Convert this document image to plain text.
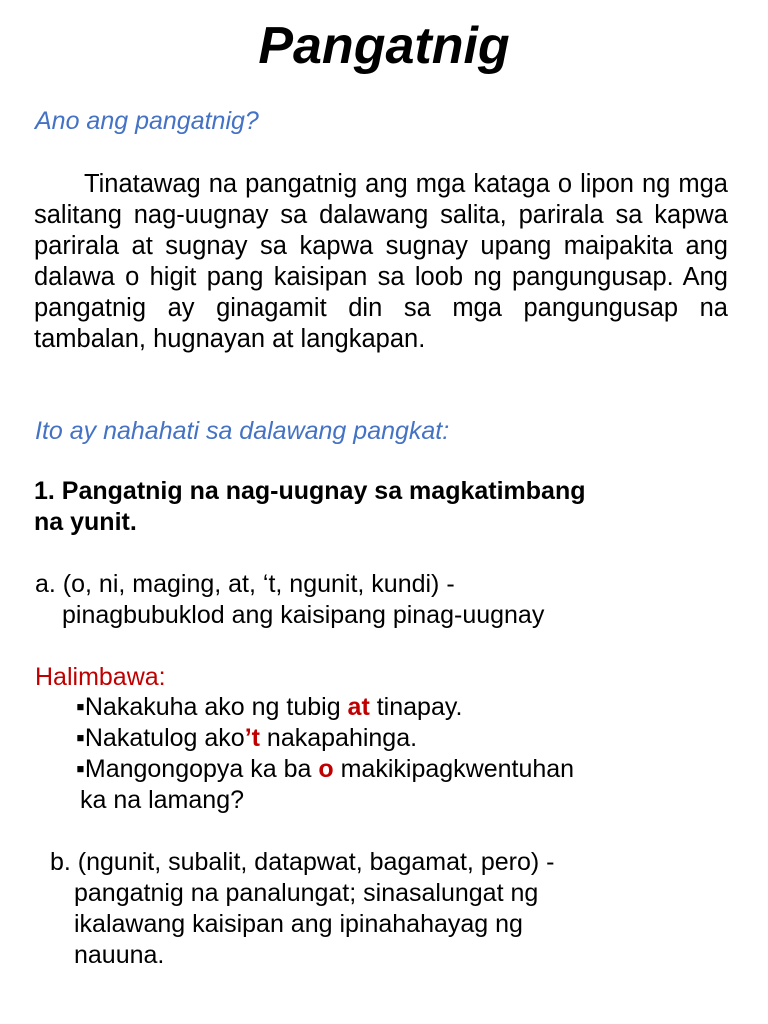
Pangatnig
Ano ang pangatnig?
Tinatawag na pangatnig ang mga kataga o lipon ng mga salitang nag-uugnay sa dalawang salita, parirala sa kapwa parirala at sugnay sa kapwa sugnay upang maipakita ang dalawa o higit pang kaisipan sa loob ng pangungusap. Ang pangatnig ay ginagamit din sa mga pangungusap na tambalan, hugnayan at langkapan.
Ito ay nahahati sa dalawang pangkat:
1. Pangatnig na nag-uugnay sa magkatimbang
na yunit.
a. (o, ni, maging, at, ‘t, ngunit, kundi) -
pinagbubuklod ang kaisipang pinag-uugnay
Halimbawa:
▪Nakakuha ako ng tubig at tinapay.
▪Nakatulog ako’t nakapahinga.
▪Mangongopya ka ba o makikipagkwentuhan
ka na lamang?
b. (ngunit, subalit, datapwat, bagamat, pero) -
pangatnig na panalungat; sinasalungat ng
ikalawang kaisipan ang ipinahahayag ng
nauuna.
